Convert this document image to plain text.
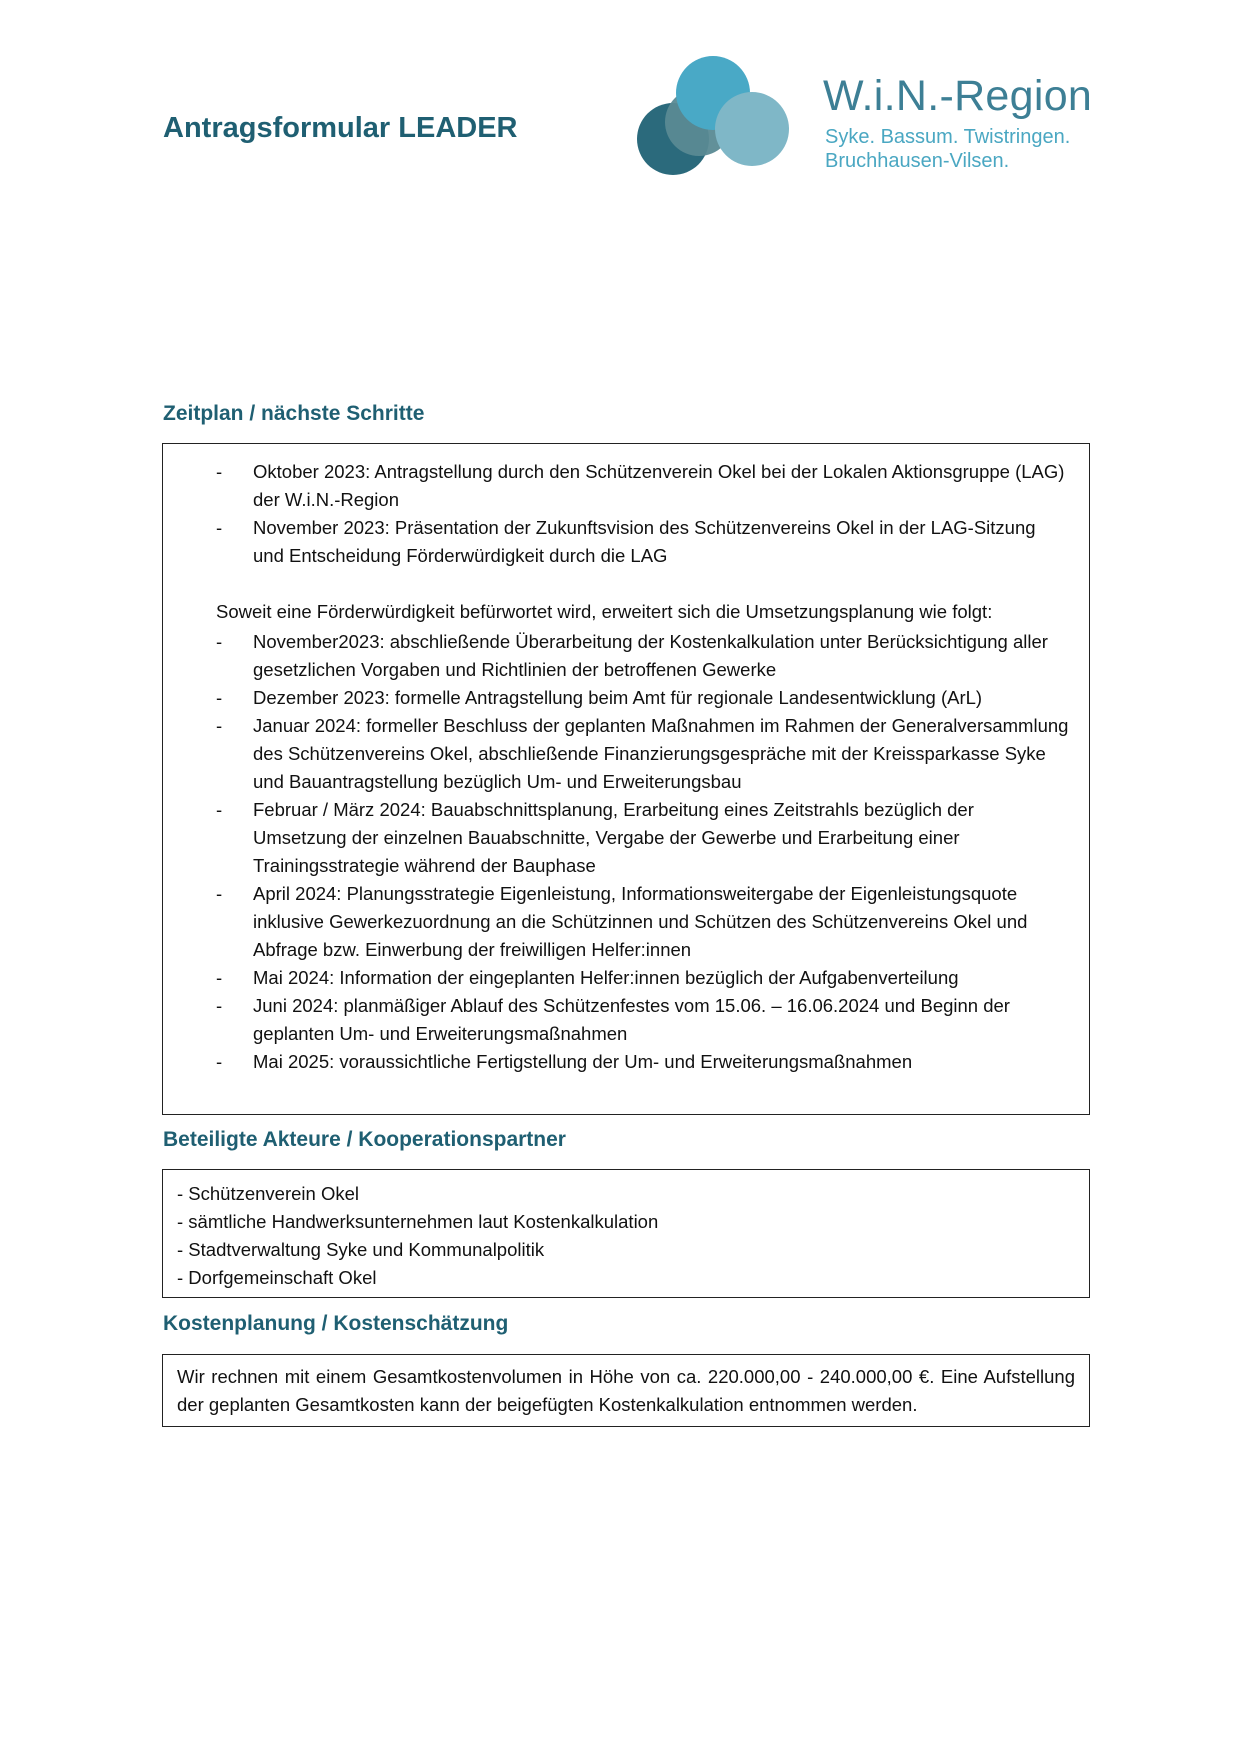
Antragsformular LEADER
W.i.N.-Region
Syke. Bassum. Twistringen.
Bruchhausen-Vilsen.
Zeitplan / nächste Schritte
- Oktober 2023: Antragstellung durch den Schützenverein Okel bei der Lokalen Aktionsgruppe (LAG) der W.i.N.-Region
- November 2023: Präsentation der Zukunftsvision des Schützenvereins Okel in der LAG-Sitzung und Entscheidung Förderwürdigkeit durch die LAG
Soweit eine Förderwürdigkeit befürwortet wird, erweitert sich die Umsetzungsplanung wie folgt:
- November2023: abschließende Überarbeitung der Kostenkalkulation unter Berücksichtigung aller gesetzlichen Vorgaben und Richtlinien der betroffenen Gewerke
- Dezember 2023: formelle Antragstellung beim Amt für regionale Landesentwicklung (ArL)
- Januar 2024: formeller Beschluss der geplanten Maßnahmen im Rahmen der Generalversammlung des Schützenvereins Okel, abschließende Finanzierungsgespräche mit der Kreissparkasse Syke und Bauantragstellung bezüglich Um- und Erweiterungsbau
- Februar / März 2024: Bauabschnittsplanung, Erarbeitung eines Zeitstrahls bezüglich der Umsetzung der einzelnen Bauabschnitte, Vergabe der Gewerbe und Erarbeitung einer Trainingsstrategie während der Bauphase
- April 2024: Planungsstrategie Eigenleistung, Informationsweitergabe der Eigenleistungsquote inklusive Gewerkezuordnung an die Schützinnen und Schützen des Schützenvereins Okel und Abfrage bzw. Einwerbung der freiwilligen Helfer:innen
- Mai 2024: Information der eingeplanten Helfer:innen bezüglich der Aufgabenverteilung
- Juni 2024: planmäßiger Ablauf des Schützenfestes vom 15.06. – 16.06.2024 und Beginn der geplanten Um- und Erweiterungsmaßnahmen
- Mai 2025: voraussichtliche Fertigstellung der Um- und Erweiterungsmaßnahmen
Beteiligte Akteure / Kooperationspartner
- Schützenverein Okel
- sämtliche Handwerksunternehmen laut Kostenkalkulation
- Stadtverwaltung Syke und Kommunalpolitik
- Dorfgemeinschaft Okel
Kostenplanung / Kostenschätzung
Wir rechnen mit einem Gesamtkostenvolumen in Höhe von ca. 220.000,00 - 240.000,00 €. Eine Aufstellung der geplanten Gesamtkosten kann der beigefügten Kostenkalkulation entnommen werden.
